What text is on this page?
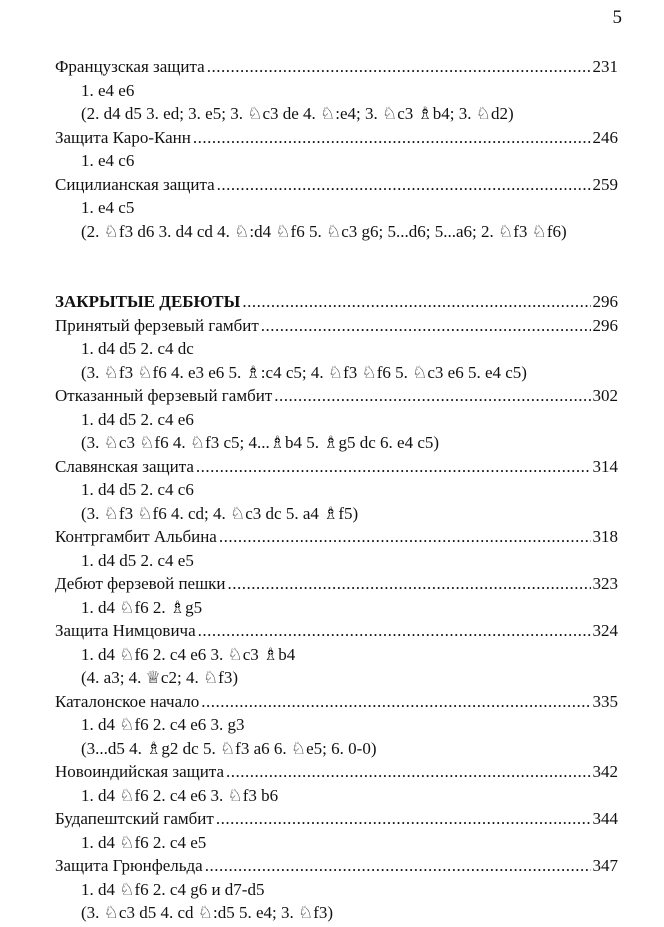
5
Французская защита .....	231
1. e4 e6
(2. d4 d5 3. ed; 3. e5; 3. ♘c3 de 4. ♘:e4; 3. ♘c3 ♗b4; 3. ♘d2)
Защита Каро-Канн .....	246
1. e4 c6
Сицилианская защита .....	259
1. e4 c5
(2. ♘f3 d6 3. d4 cd 4. ♘:d4 ♘f6 5. ♘c3 g6; 5...d6; 5...a6; 2. ♘f3 ♘f6)
ЗАКРЫТЫЕ ДЕБЮТЫ .....	296
Принятый ферзевый гамбит .....	296
1. d4 d5 2. c4 dc
(3. ♘f3 ♘f6 4. e3 e6 5. ♗:c4 c5; 4. ♘f3 ♘f6 5. ♘c3 e6 5. e4 c5)
Отказанный ферзевый гамбит .....	302
1. d4 d5 2. c4 e6
(3. ♘c3 ♘f6 4. ♘f3 c5; 4...♗b4 5. ♗g5 dc 6. e4 c5)
Славянская защита .....	314
1. d4 d5 2. c4 c6
(3. ♘f3 ♘f6 4. cd; 4. ♘c3 dc 5. a4 ♗f5)
Контргамбит Альбина .....	318
1. d4 d5 2. c4 e5
Дебют ферзевой пешки .....	323
1. d4 ♘f6 2. ♗g5
Защита Нимцовича .....	324
1. d4 ♘f6 2. c4 e6 3. ♘c3 ♗b4
(4. a3; 4. ♕c2; 4. ♘f3)
Каталонское начало .....	335
1. d4 ♘f6 2. c4 e6 3. g3
(3...d5 4. ♗g2 dc 5. ♘f3 a6 6. ♘e5; 6. 0-0)
Новоиндийская защита .....	342
1. d4 ♘f6 2. c4 e6 3. ♘f3 b6
Будапештский гамбит .....	344
1. d4 ♘f6 2. c4 e5
Защита Грюнфельда .....	347
1. d4 ♘f6 2. c4 g6 и d7-d5
(3. ♘c3 d5 4. cd ♘:d5 5. e4; 3. ♘f3)
